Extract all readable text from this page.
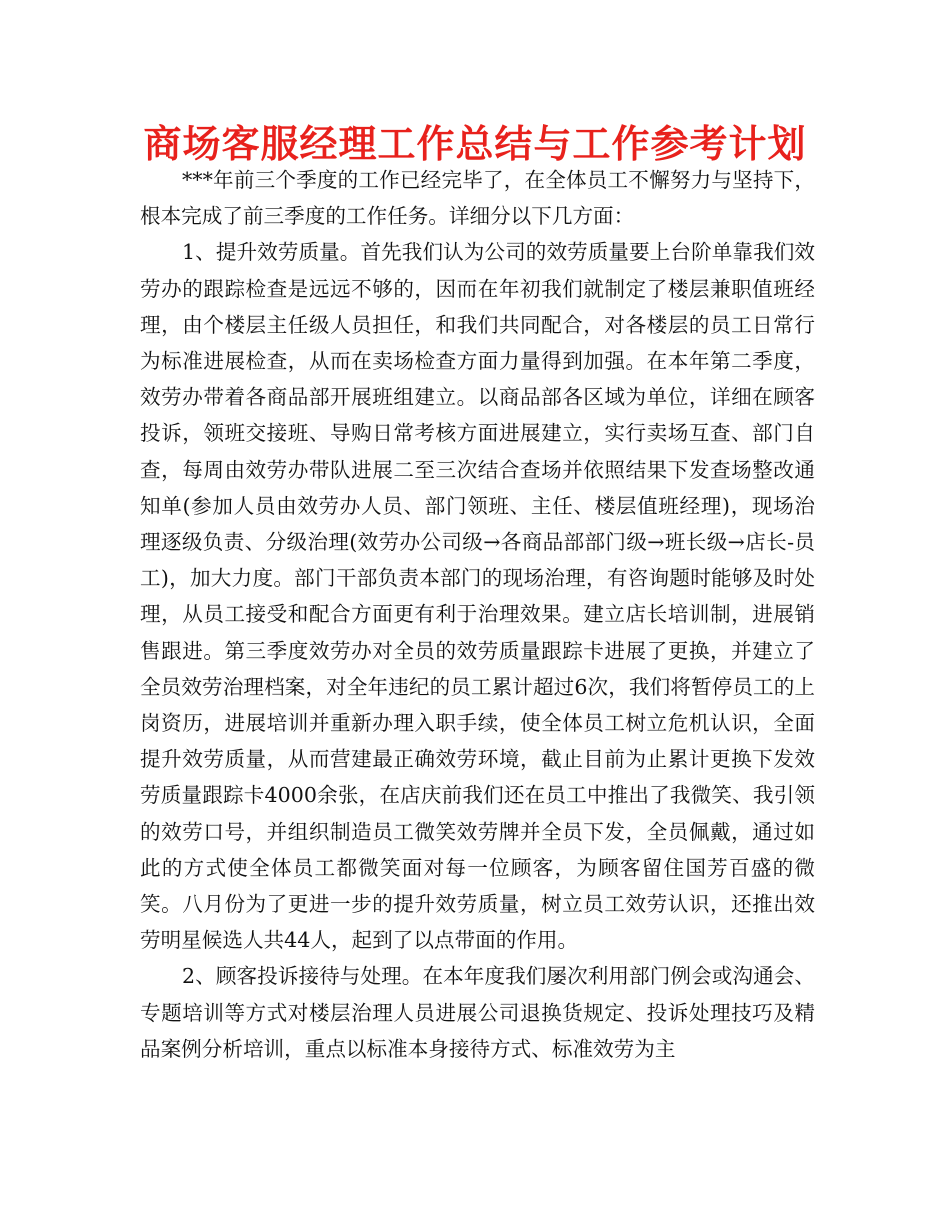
商场客服经理工作总结与工作参考计划

***年前三个季度的工作已经完毕了，在全体员工不懈努力与坚持下，根本完成了前三季度的工作任务。详细分以下几方面：

1、提升效劳质量。首先我们认为公司的效劳质量要上台阶单靠我们效劳办的跟踪检查是远远不够的，因而在年初我们就制定了楼层兼职值班经理，由个楼层主任级人员担任，和我们共同配合，对各楼层的员工日常行为标准进展检查，从而在卖场检查方面力量得到加强。在本年第二季度，效劳办带着各商品部开展班组建立。以商品部各区域为单位，详细在顾客投诉，领班交接班、导购日常考核方面进展建立，实行卖场互查、部门自查，每周由效劳办带队进展二至三次结合查场并依照结果下发查场整改通知单(参加人员由效劳办人员、部门领班、主任、楼层值班经理)，现场治理逐级负责、分级治理(效劳办公司级→各商品部部门级→班长级→店长-员工)，加大力度。部门干部负责本部门的现场治理，有咨询题时能够及时处理，从员工接受和配合方面更有利于治理效果。建立店长培训制，进展销售跟进。第三季度效劳办对全员的效劳质量跟踪卡进展了更换，并建立了全员效劳治理档案，对全年违纪的员工累计超过6次，我们将暂停员工的上岗资历，进展培训并重新办理入职手续，使全体员工树立危机认识，全面提升效劳质量，从而营建最正确效劳环境，截止目前为止累计更换下发效劳质量跟踪卡4000余张，在店庆前我们还在员工中推出了我微笑、我引领的效劳口号，并组织制造员工微笑效劳牌并全员下发，全员佩戴，通过如此的方式使全体员工都微笑面对每一位顾客，为顾客留住国芳百盛的微笑。八月份为了更进一步的提升效劳质量，树立员工效劳认识，还推出效劳明星候选人共44人，起到了以点带面的作用。

2、顾客投诉接待与处理。在本年度我们屡次利用部门例会或沟通会、专题培训等方式对楼层治理人员进展公司退换货规定、投诉处理技巧及精品案例分析培训，重点以标准本身接待方式、标准效劳为主
